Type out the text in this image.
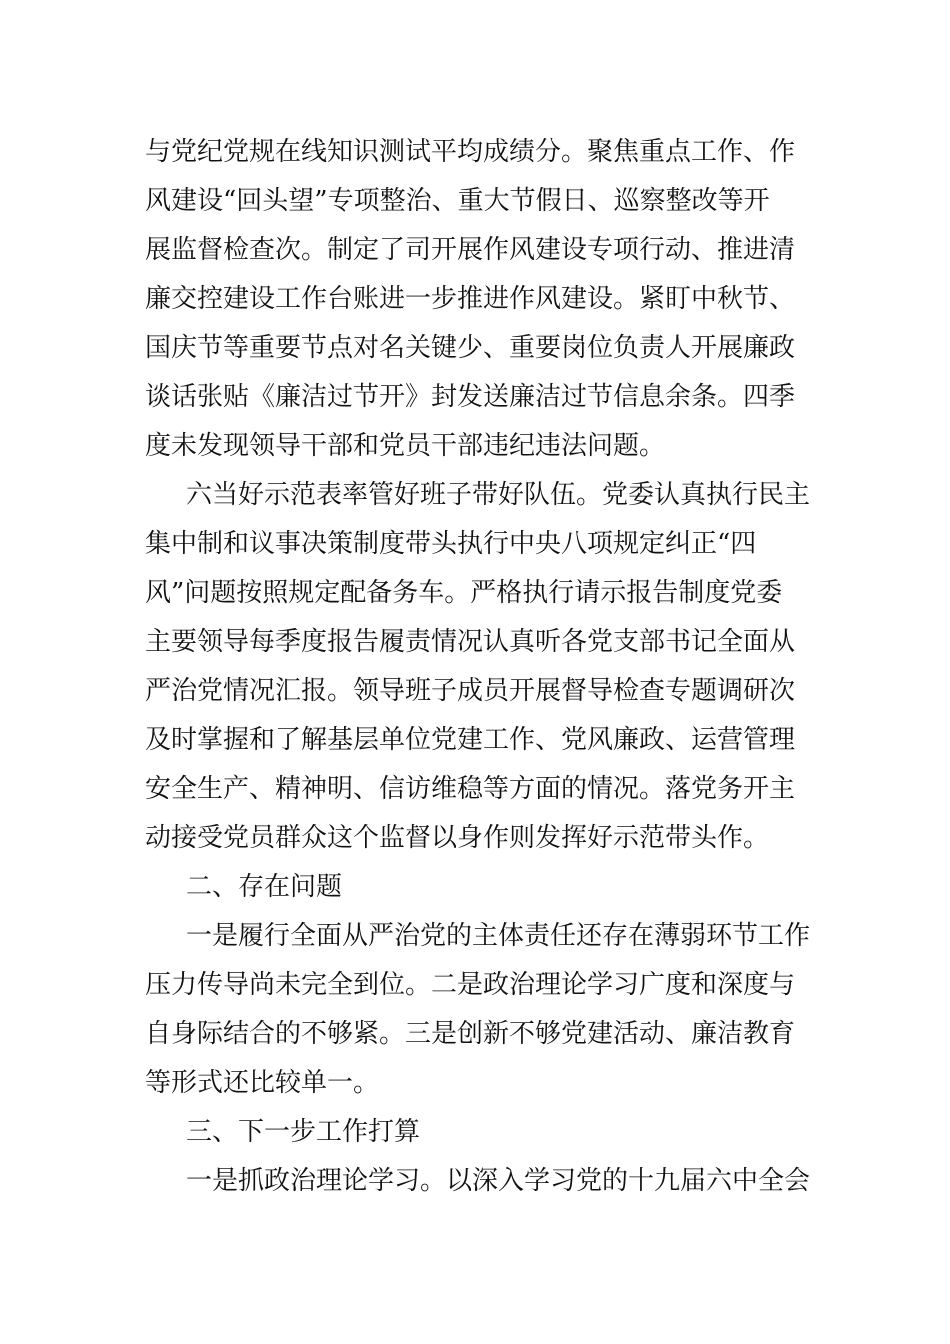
与党纪党规在线知识测试平均成绩分。聚焦重点工作、作
风建设“回头望”专项整治、重大节假日、巡察整改等开
展监督检查次。制定了司开展作风建设专项行动、推进清
廉交控建设工作台账进一步推进作风建设。紧盯中秋节、
国庆节等重要节点对名关键少、重要岗位负责人开展廉政
谈话张贴《廉洁过节开》封发送廉洁过节信息余条。四季
度未发现领导干部和党员干部违纪违法问题。
六当好示范表率管好班子带好队伍。党委认真执行民主
集中制和议事决策制度带头执行中央八项规定纠正“四
风”问题按照规定配备务车。严格执行请示报告制度党委
主要领导每季度报告履责情况认真听各党支部书记全面从
严治党情况汇报。领导班子成员开展督导检查专题调研次
及时掌握和了解基层单位党建工作、党风廉政、运营管理
安全生产、精神明、信访维稳等方面的情况。落党务开主
动接受党员群众这个监督以身作则发挥好示范带头作。
二、存在问题
一是履行全面从严治党的主体责任还存在薄弱环节工作
压力传导尚未完全到位。二是政治理论学习广度和深度与
自身际结合的不够紧。三是创新不够党建活动、廉洁教育
等形式还比较单一。
三、下一步工作打算
一是抓政治理论学习。以深入学习党的十九届六中全会
